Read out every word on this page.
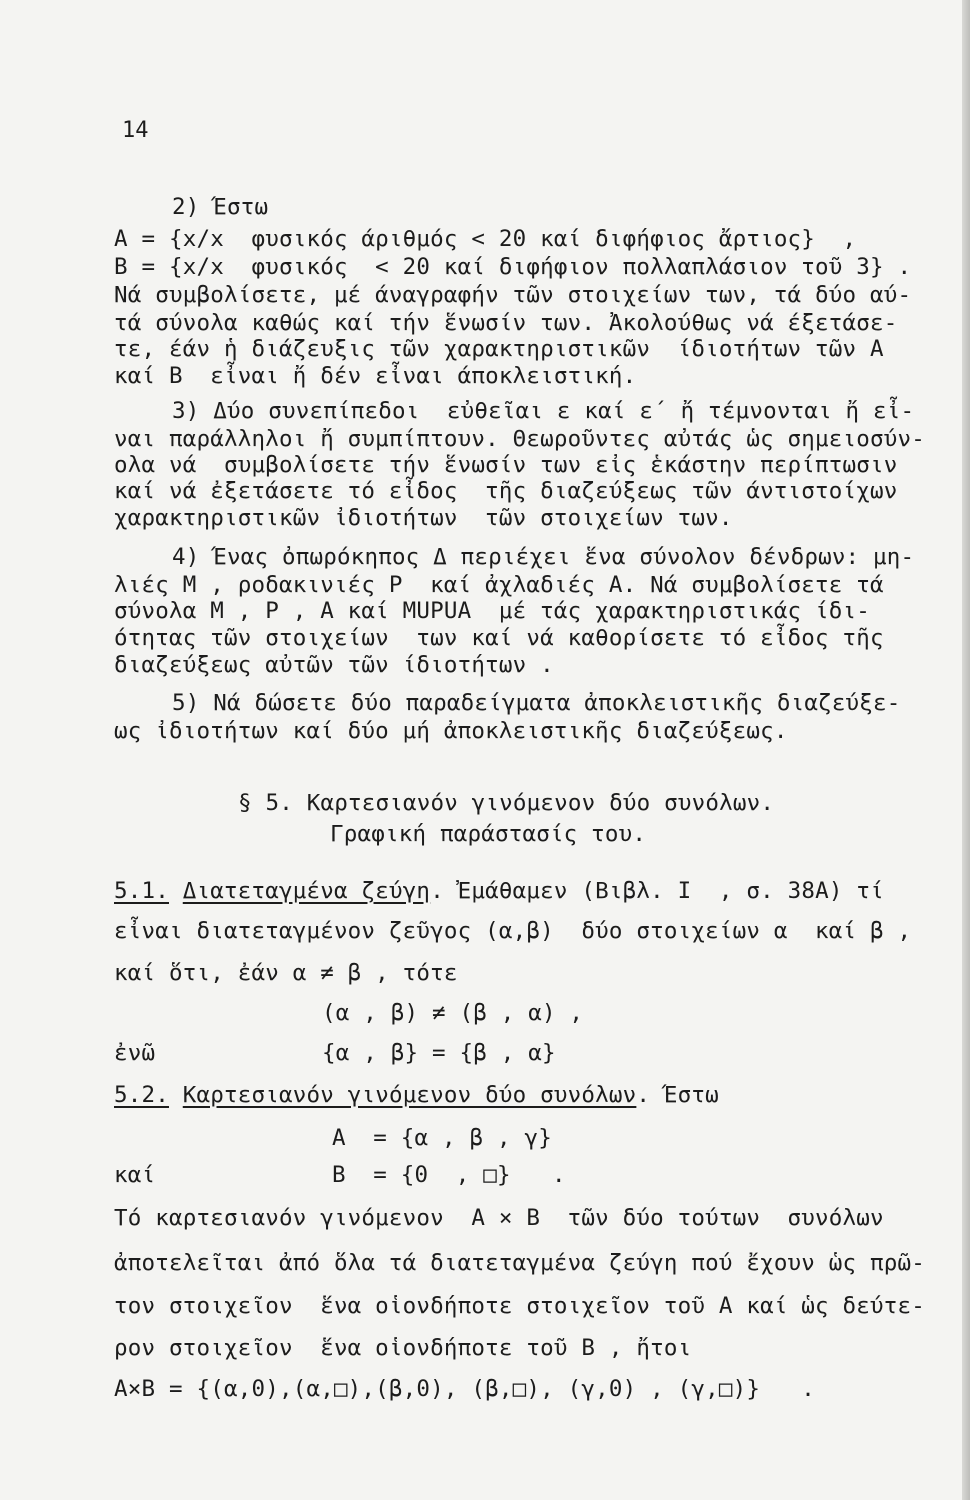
14
2) Έστω
A = {x/x  φυσικός άριθμός < 20 καί διφήφιος ἄρτιος}  ,
B = {x/x  φυσικός  < 20 καί διφήφιον πολλαπλάσιον τοῦ 3} .
Νά συμβολίσετε, μέ άναγραφήν τῶν στοιχείων των, τά δύο αύ-
τά σύνολα καθώς καί τήν ἕνωσίν των. Ἀκολούθως νά έξετάσε-
τε, έάν ἡ διάζευξις τῶν χαρακτηριστικῶν  ίδιοτήτων τῶν A
καί B  εἶναι ἤ δέν εἶναι άποκλειστική.
3) Δύο συνεπίπεδοι  εὐθεῖαι ε καί ε΄ ἤ τέμνονται ἤ εἶ-
ναι παράλληλοι ἤ συμπίπτουν. Θεωροῦντες αὐτάς ὡς σημειοσύν-
ολα νά  συμβολίσετε τήν ἕνωσίν των εἰς ἑκάστην περίπτωσιν
καί νά ἐξετάσετε τό εἶδος  τῆς διαζεύξεως τῶν άντιστοίχων
χαρακτηριστικῶν ἰδιοτήτων  τῶν στοιχείων των.
4) Ένας ὀπωρόκηπος Δ περιέχει ἕνα σύνολον δένδρων: μη-
λιές M , ροδακινιές P  καί ἀχλαδιές A. Νά συμβολίσετε τά
σύνολα M , P , A καί MUPUA  μέ τάς χαρακτηριστικάς ίδι-
ότητας τῶν στοιχείων  των καί νά καθορίσετε τό εἶδος τῆς
διαζεύξεως αὐτῶν τῶν ίδιοτήτων .
5) Νά δώσετε δύο παραδείγματα ἀποκλειστικῆς διαζεύξε-
ως ἰδιοτήτων καί δύο μή ἀποκλειστικῆς διαζεύξεως.
§ 5. Καρτεσιανόν γινόμενον δύο συνόλων.
Γραφική παράστασίς του.
5.1. Διατεταγμένα ζεύγη. Ἐμάθαμεν (Βιβλ. I  , σ. 38A) τί
εἶναι διατεταγμένον ζεῦγος (α,β)  δύο στοιχείων α  καί β ,
καί ὅτι, ἐάν α ≠ β , τότε
(α , β) ≠ (β , α) ,
ἐνῶ	{α , β} = {β , α}
5.2. Καρτεσιανόν γινόμενον δύο συνόλων. Έστω
A  = {α , β , γ}
καί	B  = {0  , □}   .
Τό καρτεσιανόν γινόμενον  A × B  τῶν δύο τούτων  συνόλων
ἀποτελεῖται ἀπό ὅλα τά διατεταγμένα ζεύγη πού ἔχουν ὡς πρῶ-
τον στοιχεῖον  ἕνα οἱονδήποτε στοιχεῖον τοῦ A καί ὡς δεύτε-
ρον στοιχεῖον  ἕνα οἱονδήποτε τοῦ B , ἤτοι
A×B = {(α,0),(α,□),(β,0), (β,□), (γ,0) , (γ,□)}   .
